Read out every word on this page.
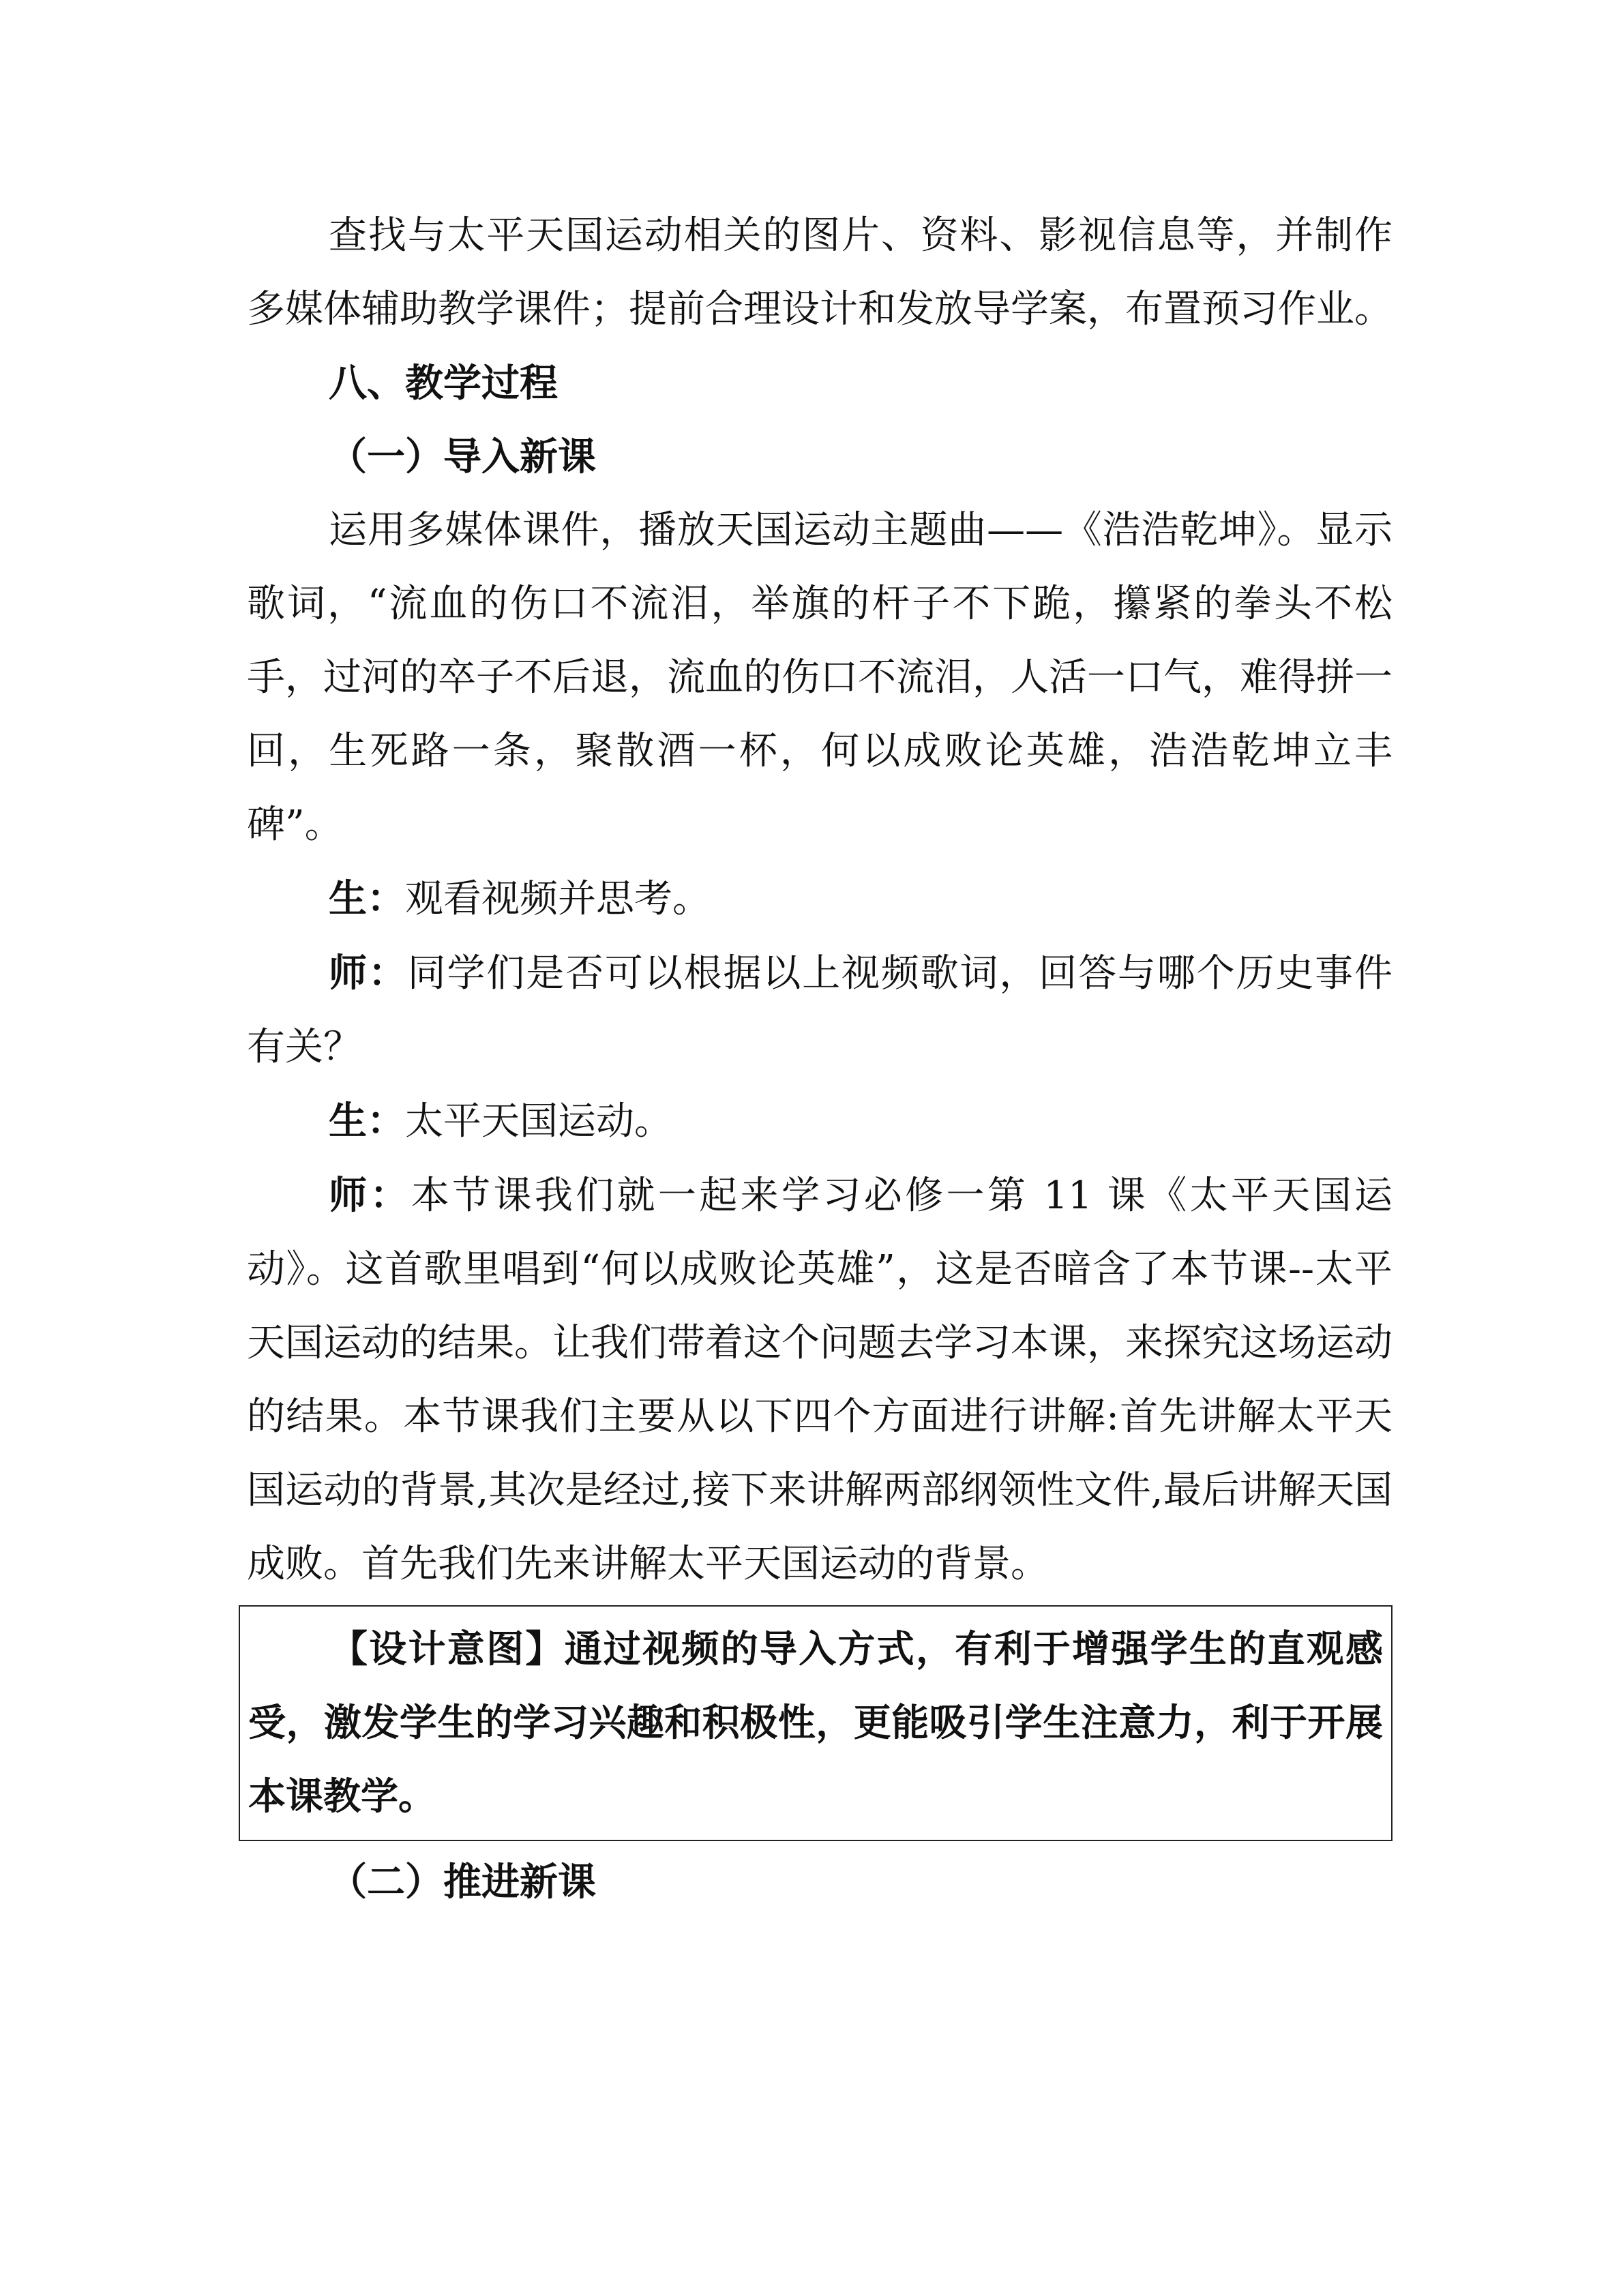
查找与太平天国运动相关的图片、资料、影视信息等，并制作多媒体辅助教学课件；提前合理设计和发放导学案，布置预习作业。

八、教学过程

（一）导入新课

运用多媒体课件，播放天国运动主题曲——《浩浩乾坤》。显示歌词，“流血的伤口不流泪，举旗的杆子不下跪，攥紧的拳头不松手，过河的卒子不后退，流血的伤口不流泪，人活一口气，难得拼一回，生死路一条，聚散酒一杯，何以成败论英雄，浩浩乾坤立丰碑”。

生：观看视频并思考。

师：同学们是否可以根据以上视频歌词，回答与哪个历史事件有关？

生：太平天国运动。

师：本节课我们就一起来学习必修一第 11 课《太平天国运动》。这首歌里唱到“何以成败论英雄”，这是否暗含了本节课--太平天国运动的结果。让我们带着这个问题去学习本课，来探究这场运动的结果。本节课我们主要从以下四个方面进行讲解:首先讲解太平天国运动的背景,其次是经过,接下来讲解两部纲领性文件,最后讲解天国成败。首先我们先来讲解太平天国运动的背景。

【设计意图】通过视频的导入方式，有利于增强学生的直观感受，激发学生的学习兴趣和积极性，更能吸引学生注意力，利于开展本课教学。

（二）推进新课
